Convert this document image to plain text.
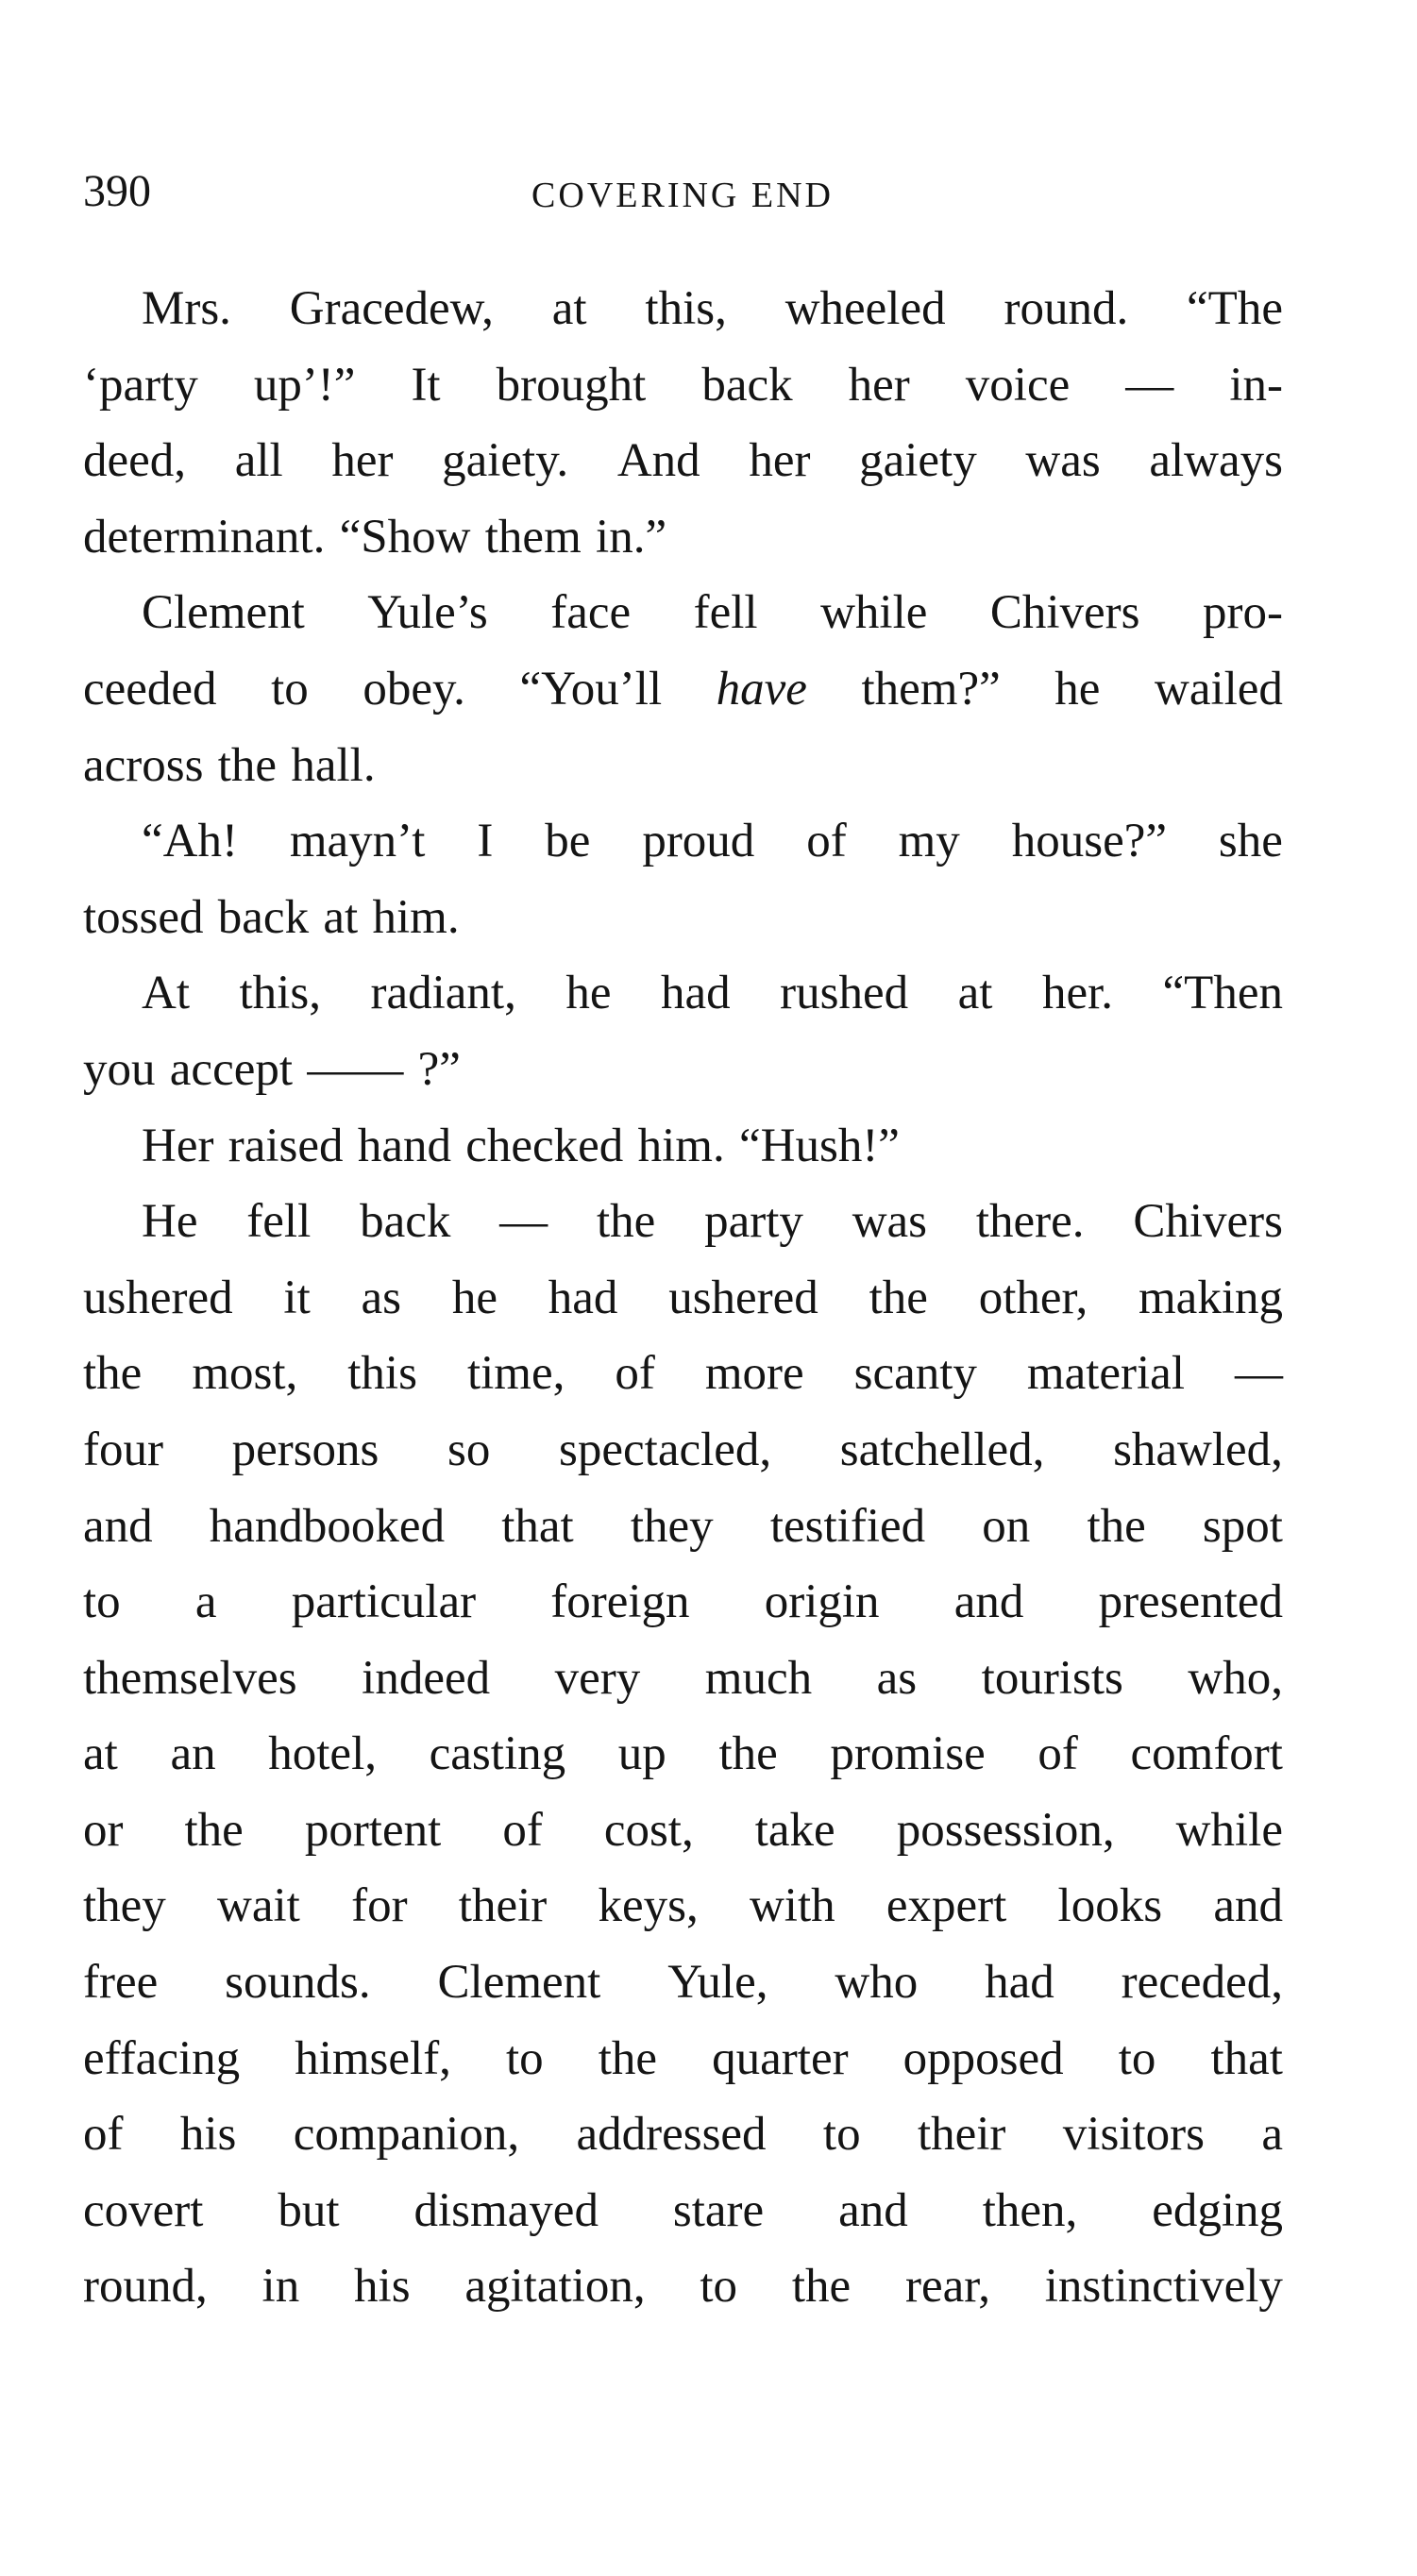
390	COVERING END
Mrs. Gracedew, at this, wheeled round. “The
‘party up’!” It brought back her voice — in-
deed, all her gaiety. And her gaiety was always
determinant. “Show them in.”
Clement Yule’s face fell while Chivers pro-
ceeded to obey. “You’ll have them?” he wailed
across the hall.
“Ah! mayn’t I be proud of my house?” she
tossed back at him.
At this, radiant, he had rushed at her. “Then
you accept —— ?”
Her raised hand checked him. “Hush!”
He fell back — the party was there. Chivers
ushered it as he had ushered the other, making
the most, this time, of more scanty material —
four persons so spectacled, satchelled, shawled,
and handbooked that they testified on the spot
to a particular foreign origin and presented
themselves indeed very much as tourists who,
at an hotel, casting up the promise of comfort
or the portent of cost, take possession, while
they wait for their keys, with expert looks and
free sounds. Clement Yule, who had receded,
effacing himself, to the quarter opposed to that
of his companion, addressed to their visitors a
covert but dismayed stare and then, edging
round, in his agitation, to the rear, instinctively
